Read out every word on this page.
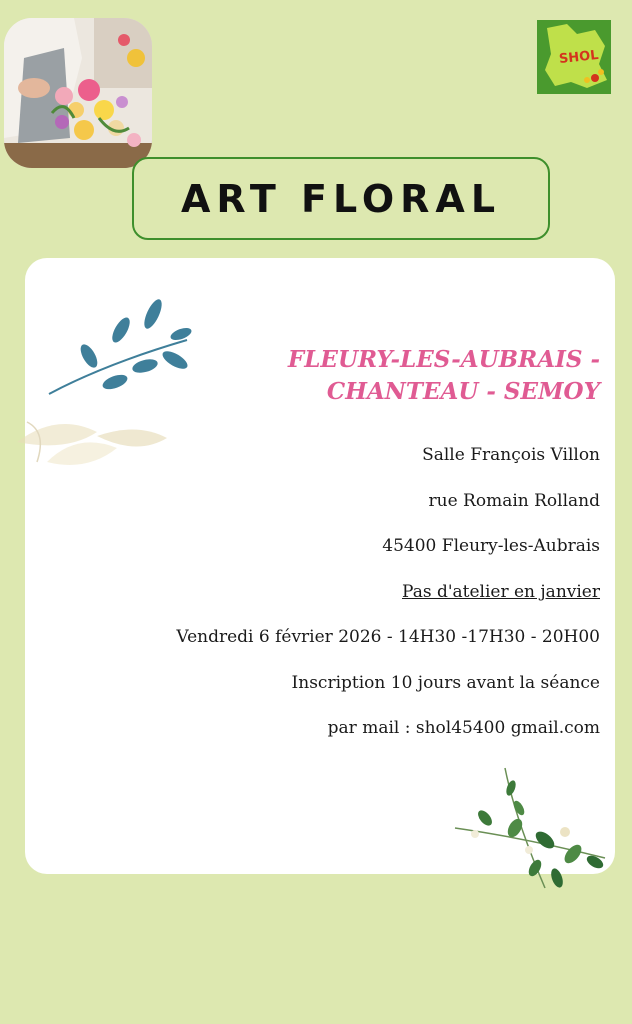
SHOL
ART FLORAL
FLEURY-LES-AUBRAIS -
CHANTEAU - SEMOY
Salle François Villon
rue Romain Rolland
45400 Fleury-les-Aubrais
Pas d'atelier en janvier
Vendredi 6 février 2026 - 14H30 -17H30 - 20H00
Inscription 10 jours avant la séance
par mail : shol45400 gmail.com
